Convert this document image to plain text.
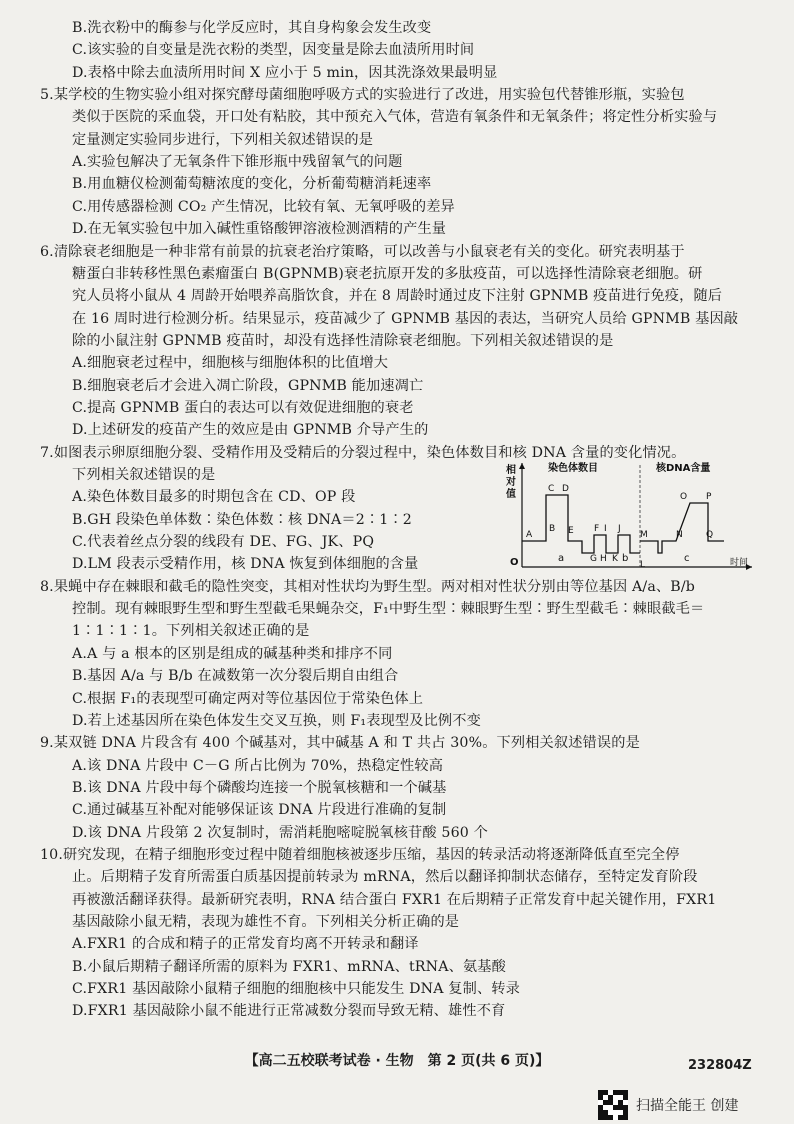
B.洗衣粉中的酶参与化学反应时，其自身构象会发生改变
C.该实验的自变量是洗衣粉的类型，因变量是除去血渍所用时间
D.表格中除去血渍所用时间 X 应小于 5 min，因其洗涤效果最明显
5.某学校的生物实验小组对探究酵母菌细胞呼吸方式的实验进行了改进，用实验包代替锥形瓶，实验包
类似于医院的采血袋，开口处有粘胶，其中预充入气体，营造有氧条件和无氧条件；将定性分析实验与
定量测定实验同步进行，下列相关叙述错误的是
A.实验包解决了无氧条件下锥形瓶中残留氧气的问题
B.用血糖仪检测葡萄糖浓度的变化，分析葡萄糖消耗速率
C.用传感器检测 CO₂ 产生情况，比较有氧、无氧呼吸的差异
D.在无氧实验包中加入碱性重铬酸钾溶液检测酒精的产生量
6.清除衰老细胞是一种非常有前景的抗衰老治疗策略，可以改善与小鼠衰老有关的变化。研究表明基于
糖蛋白非转移性黑色素瘤蛋白 B(GPNMB)衰老抗原开发的多肽疫苗，可以选择性清除衰老细胞。研
究人员将小鼠从 4 周龄开始喂养高脂饮食，并在 8 周龄时通过皮下注射 GPNMB 疫苗进行免疫，随后
在 16 周时进行检测分析。结果显示，疫苗减少了 GPNMB 基因的表达，当研究人员给 GPNMB 基因敲
除的小鼠注射 GPNMB 疫苗时，却没有选择性清除衰老细胞。下列相关叙述错误的是
A.细胞衰老过程中，细胞核与细胞体积的比值增大
B.细胞衰老后才会进入凋亡阶段，GPNMB 能加速凋亡
C.提高 GPNMB 蛋白的表达可以有效促进细胞的衰老
D.上述研发的疫苗产生的效应是由 GPNMB 介导产生的
7.如图表示卵原细胞分裂、受精作用及受精后的分裂过程中，染色体数目和核 DNA 含量的变化情况。
下列相关叙述错误的是
A.染色体数目最多的时期包含在 CD、OP 段
B.GH 段染色单体数∶染色体数∶核 DNA＝2∶1∶2
C.代表着丝点分裂的线段有 DE、FG、JK、PQ
D.LM 段表示受精作用，核 DNA 恢复到体细胞的含量
8.果蝇中存在棘眼和截毛的隐性突变，其相对性状均为野生型。两对相对性状分别由等位基因 A/a、B/b
控制。现有棘眼野生型和野生型截毛果蝇杂交，F₁中野生型∶棘眼野生型∶野生型截毛∶棘眼截毛＝
1∶1∶1∶1。下列相关叙述正确的是
A.A 与 a 根本的区别是组成的碱基种类和排序不同
B.基因 A/a 与 B/b 在减数第一次分裂后期自由组合
C.根据 F₁的表现型可确定两对等位基因位于常染色体上
D.若上述基因所在染色体发生交叉互换，则 F₁表现型及比例不变
9.某双链 DNA 片段含有 400 个碱基对，其中碱基 A 和 T 共占 30%。下列相关叙述错误的是
A.该 DNA 片段中 C－G 所占比例为 70%，热稳定性较高
B.该 DNA 片段中每个磷酸均连接一个脱氧核糖和一个碱基
C.通过碱基互补配对能够保证该 DNA 片段进行准确的复制
D.该 DNA 片段第 2 次复制时，需消耗胞嘧啶脱氧核苷酸 560 个
10.研究发现，在精子细胞形变过程中随着细胞核被逐步压缩，基因的转录活动将逐渐降低直至完全停
止。后期精子发育所需蛋白质基因提前转录为 mRNA，然后以翻译抑制状态储存，至特定发育阶段
再被激活翻译获得。最新研究表明，RNA 结合蛋白 FXR1 在后期精子正常发育中起关键作用，FXR1
基因敲除小鼠无精，表现为雄性不育。下列相关分析正确的是
A.FXR1 的合成和精子的正常发育均离不开转录和翻译
B.小鼠后期精子翻译所需的原料为 FXR1、mRNA、tRNA、氨基酸
C.FXR1 基因敲除小鼠精子细胞的细胞核中只能发生 DNA 复制、转录
D.FXR1 基因敲除小鼠不能进行正常减数分裂而导致无精、雄性不育
相
对
值
时间
染色体数目	核DNA含量
a	b	c
O
A
B
C D
E F
G H
I J
K
L
M	N
O P
Q
【高二五校联考试卷 · 生物　第 2 页(共 6 页)】	232804Z
扫描全能王 创建
